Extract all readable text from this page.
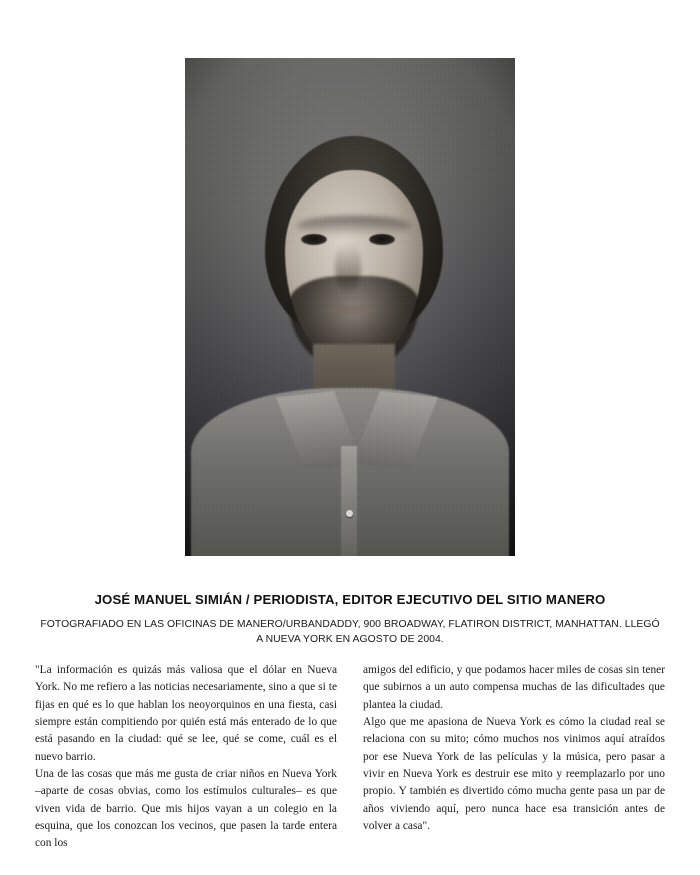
JOSÉ MANUEL SIMIÁN / PERIODISTA, EDITOR EJECUTIVO DEL SITIO MANERO

FOTOGRAFIADO EN LAS OFICINAS DE MANERO/URBANDADDY, 900 BROADWAY, FLATIRON DISTRICT, MANHATTAN. LLEGÓ A NUEVA YORK EN AGOSTO DE 2004.

"La información es quizás más valiosa que el dólar en Nueva York. No me refiero a las noticias necesariamente, sino a que si te fijas en qué es lo que hablan los neoyorquinos en una fiesta, casi siempre están compitiendo por quién está más enterado de lo que está pasando en la ciudad: qué se lee, qué se come, cuál es el nuevo barrio.

Una de las cosas que más me gusta de criar niños en Nueva York –aparte de cosas obvias, como los estímulos culturales– es que viven vida de barrio. Que mis hijos vayan a un colegio en la esquina, que los conozcan los vecinos, que pasen la tarde entera con los

amigos del edificio, y que podamos hacer miles de cosas sin tener que subirnos a un auto compensa muchas de las dificultades que plantea la ciudad.

Algo que me apasiona de Nueva York es cómo la ciudad real se relaciona con su mito; cómo muchos nos vinimos aquí atraídos por ese Nueva York de las películas y la música, pero pasar a vivir en Nueva York es destruir ese mito y reemplazarlo por uno propio. Y también es divertido cómo mucha gente pasa un par de años viviendo aquí, pero nunca hace esa transición antes de volver a casa".
